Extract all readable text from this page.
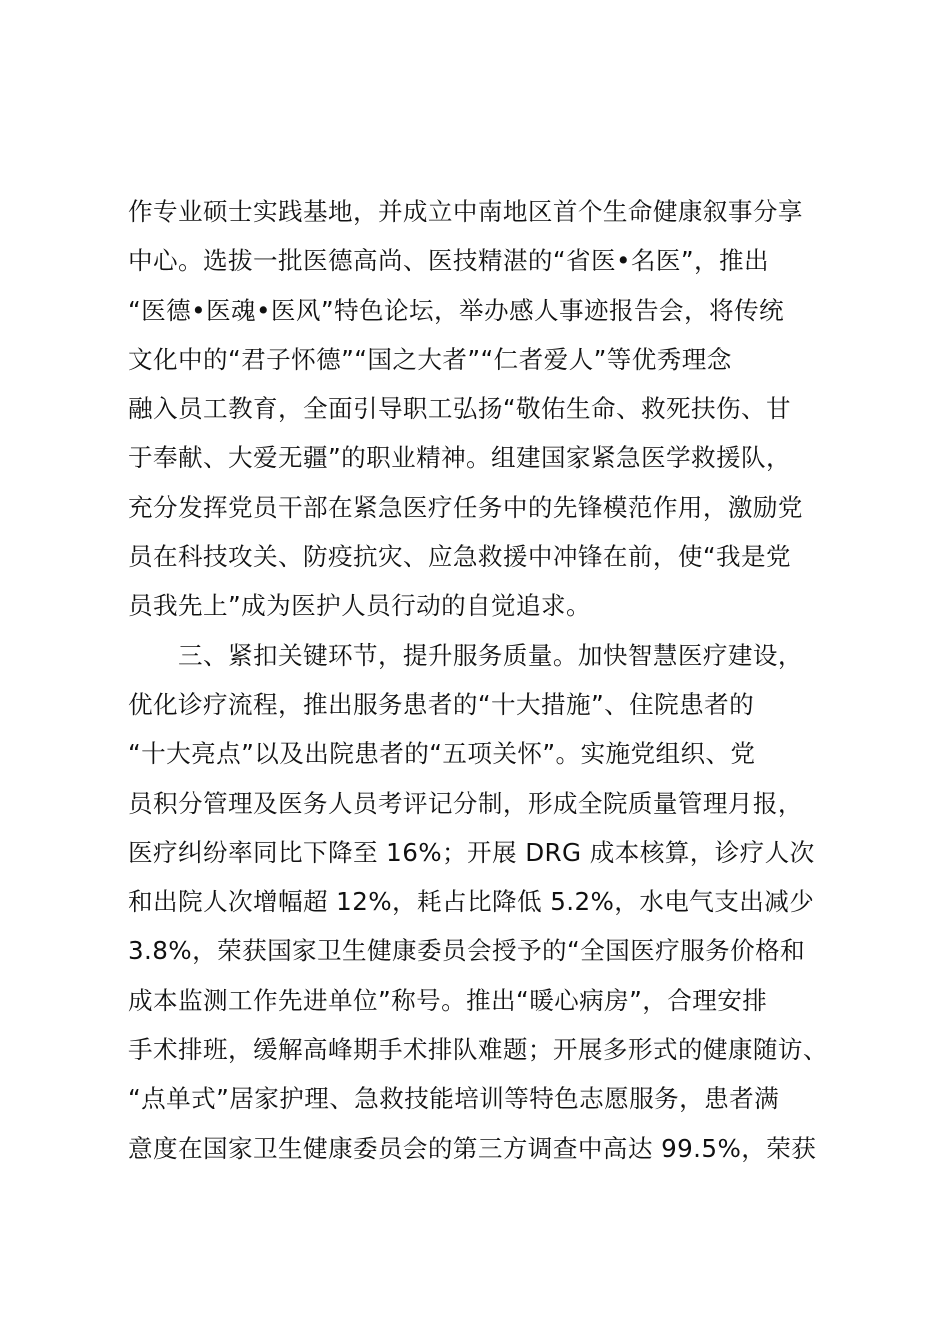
作专业硕士实践基地，并成立中南地区首个生命健康叙事分享
中心。选拔一批医德高尚、医技精湛的“省医•名医”，推出
“医德•医魂•医风”特色论坛，举办感人事迹报告会，将传统
文化中的“君子怀德”“国之大者”“仁者爱人”等优秀理念
融入员工教育，全面引导职工弘扬“敬佑生命、救死扶伤、甘
于奉献、大爱无疆”的职业精神。组建国家紧急医学救援队，
充分发挥党员干部在紧急医疗任务中的先锋模范作用，激励党
员在科技攻关、防疫抗灾、应急救援中冲锋在前，使“我是党
员我先上”成为医护人员行动的自觉追求。
　　三、紧扣关键环节，提升服务质量。加快智慧医疗建设，
优化诊疗流程，推出服务患者的“十大措施”、住院患者的
“十大亮点”以及出院患者的“五项关怀”。实施党组织、党
员积分管理及医务人员考评记分制，形成全院质量管理月报，
医疗纠纷率同比下降至 16%；开展 DRG 成本核算，诊疗人次
和出院人次增幅超 12%，耗占比降低 5.2%，水电气支出减少
3.8%，荣获国家卫生健康委员会授予的“全国医疗服务价格和
成本监测工作先进单位”称号。推出“暖心病房”，合理安排
手术排班，缓解高峰期手术排队难题；开展多形式的健康随访、
“点单式”居家护理、急救技能培训等特色志愿服务，患者满
意度在国家卫生健康委员会的第三方调查中高达 99.5%，荣获
